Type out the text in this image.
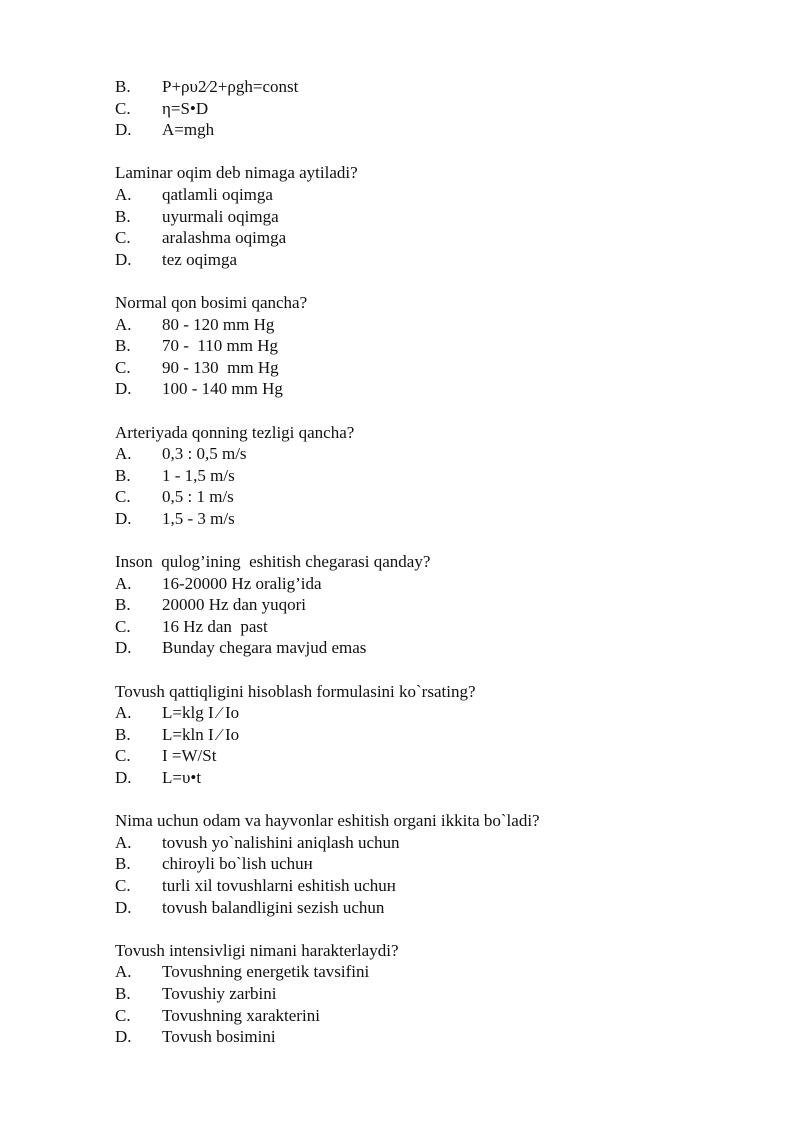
B.	P+ρυ2⁄2+ρgh=const
C.	η=S•D
D.	A=mgh
Laminar oqim deb nimaga aytiladi?
A.	qatlamli oqimga
B.	uyurmali oqimga
C.	aralashma oqimga
D.	tez oqimga
Normal qon bosimi qancha?
A.	80 - 120 mm Hg
B.	70 -  110 mm Hg
C.	90 - 130  mm Hg
D.	100 - 140 mm Hg
Arteriyada qonning tezligi qancha?
A.	0,3 : 0,5 m/s
B.	1 - 1,5 m/s
C.	0,5 : 1 m/s
D.	1,5 - 3 m/s
Inson  qulog’ining  eshitish chegarasi qanday?
A.	16-20000 Hz oralig’ida
B.	20000 Hz dan yuqori
C.	16 Hz dan  past
D.	Bunday chegara mavjud emas
Tovush qattiqligini hisoblash formulasini ko`rsating?
A.	L=klg I ⁄ Io
B.	L=kln I ⁄ Io
C.	I =W/St
D.	L=υ•t
Nima uchun odam va hayvonlar eshitish organi ikkita bo`ladi?
A.	tovush yo`nalishini aniqlash uchun
B.	chiroyli bo`lish uchuн
C.	turli xil tovushlarni eshitish uchuн
D.	tovush balandligini sezish uchun
Tovush intensivligi nimani harakterlaydi?
A.	Tovushning energetik tavsifini
B.	Tovushiy zarbini
C.	Tovushning xarakterini
D.	Tovush bosimini
